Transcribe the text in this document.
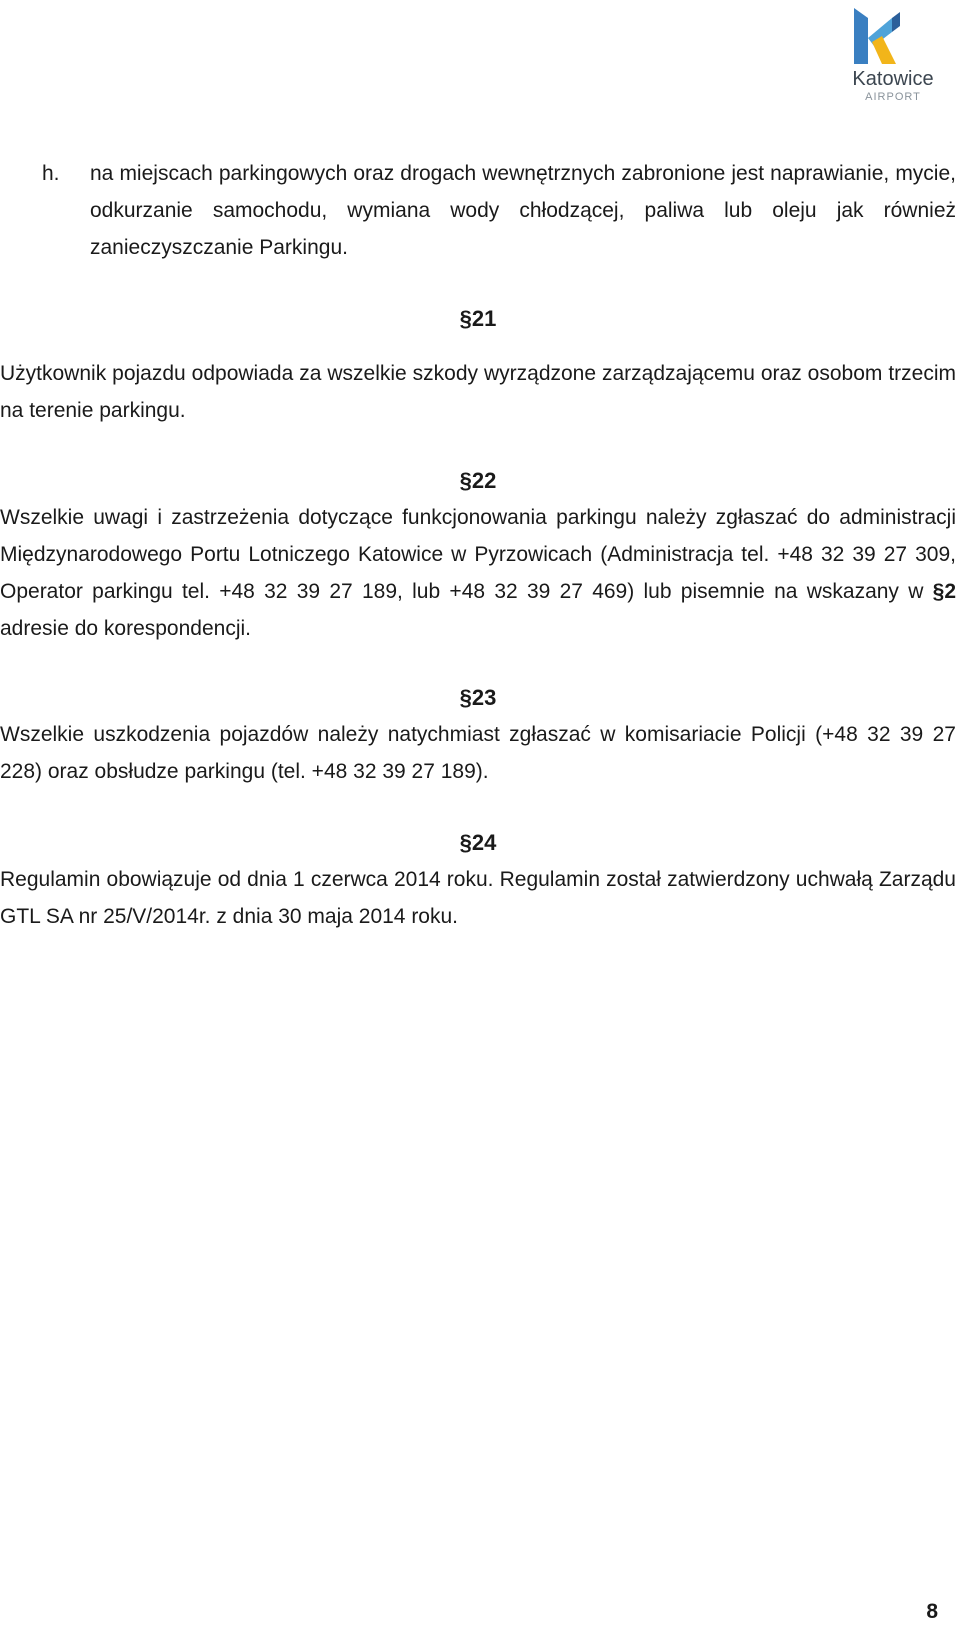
Katowice
AIRPORT
h.	na miejscach parkingowych oraz drogach wewnętrznych zabronione jest naprawianie, mycie, odkurzanie samochodu, wymiana wody chłodzącej, paliwa lub oleju jak również zanieczyszczanie Parkingu.
§21
Użytkownik pojazdu odpowiada za wszelkie szkody wyrządzone zarządzającemu oraz osobom trzecim na terenie parkingu.
§22
Wszelkie uwagi i zastrzeżenia dotyczące funkcjonowania parkingu należy zgłaszać do administracji Międzynarodowego Portu Lotniczego Katowice w Pyrzowicach (Administracja tel. +48 32 39 27 309, Operator parkingu tel. +48 32 39 27 189, lub +48 32 39 27 469) lub pisemnie na wskazany w §2 adresie do korespondencji.
§23
Wszelkie uszkodzenia pojazdów należy natychmiast zgłaszać w komisariacie Policji (+48 32 39 27 228) oraz obsłudze parkingu (tel. +48 32 39 27 189).
§24
Regulamin obowiązuje od dnia 1 czerwca 2014 roku. Regulamin został zatwierdzony uchwałą Zarządu GTL SA nr 25/V/2014r. z dnia 30 maja 2014 roku.
8
